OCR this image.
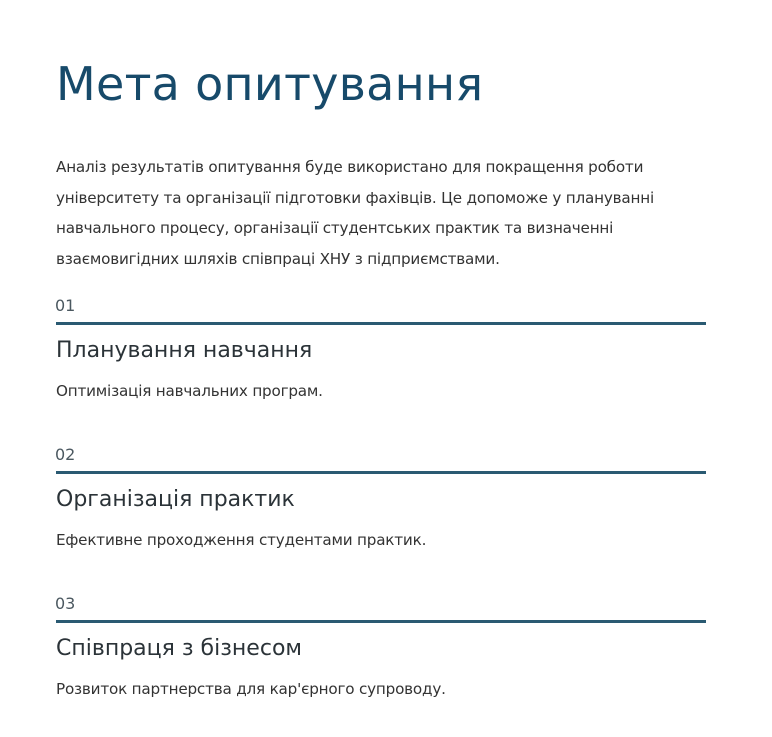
Мета опитування

Аналіз результатів опитування буде використано для покращення роботи університету та організації підготовки фахівців. Це допоможе у плануванні навчального процесу, організації студентських практик та визначенні взаємовигідних шляхів співпраці ХНУ з підприємствами.

01
Планування навчання

Оптимізація навчальних програм.

02
Організація практик

Ефективне проходження студентами практик.

03
Співпраця з бізнесом

Розвиток партнерства для кар'єрного супроводу.
